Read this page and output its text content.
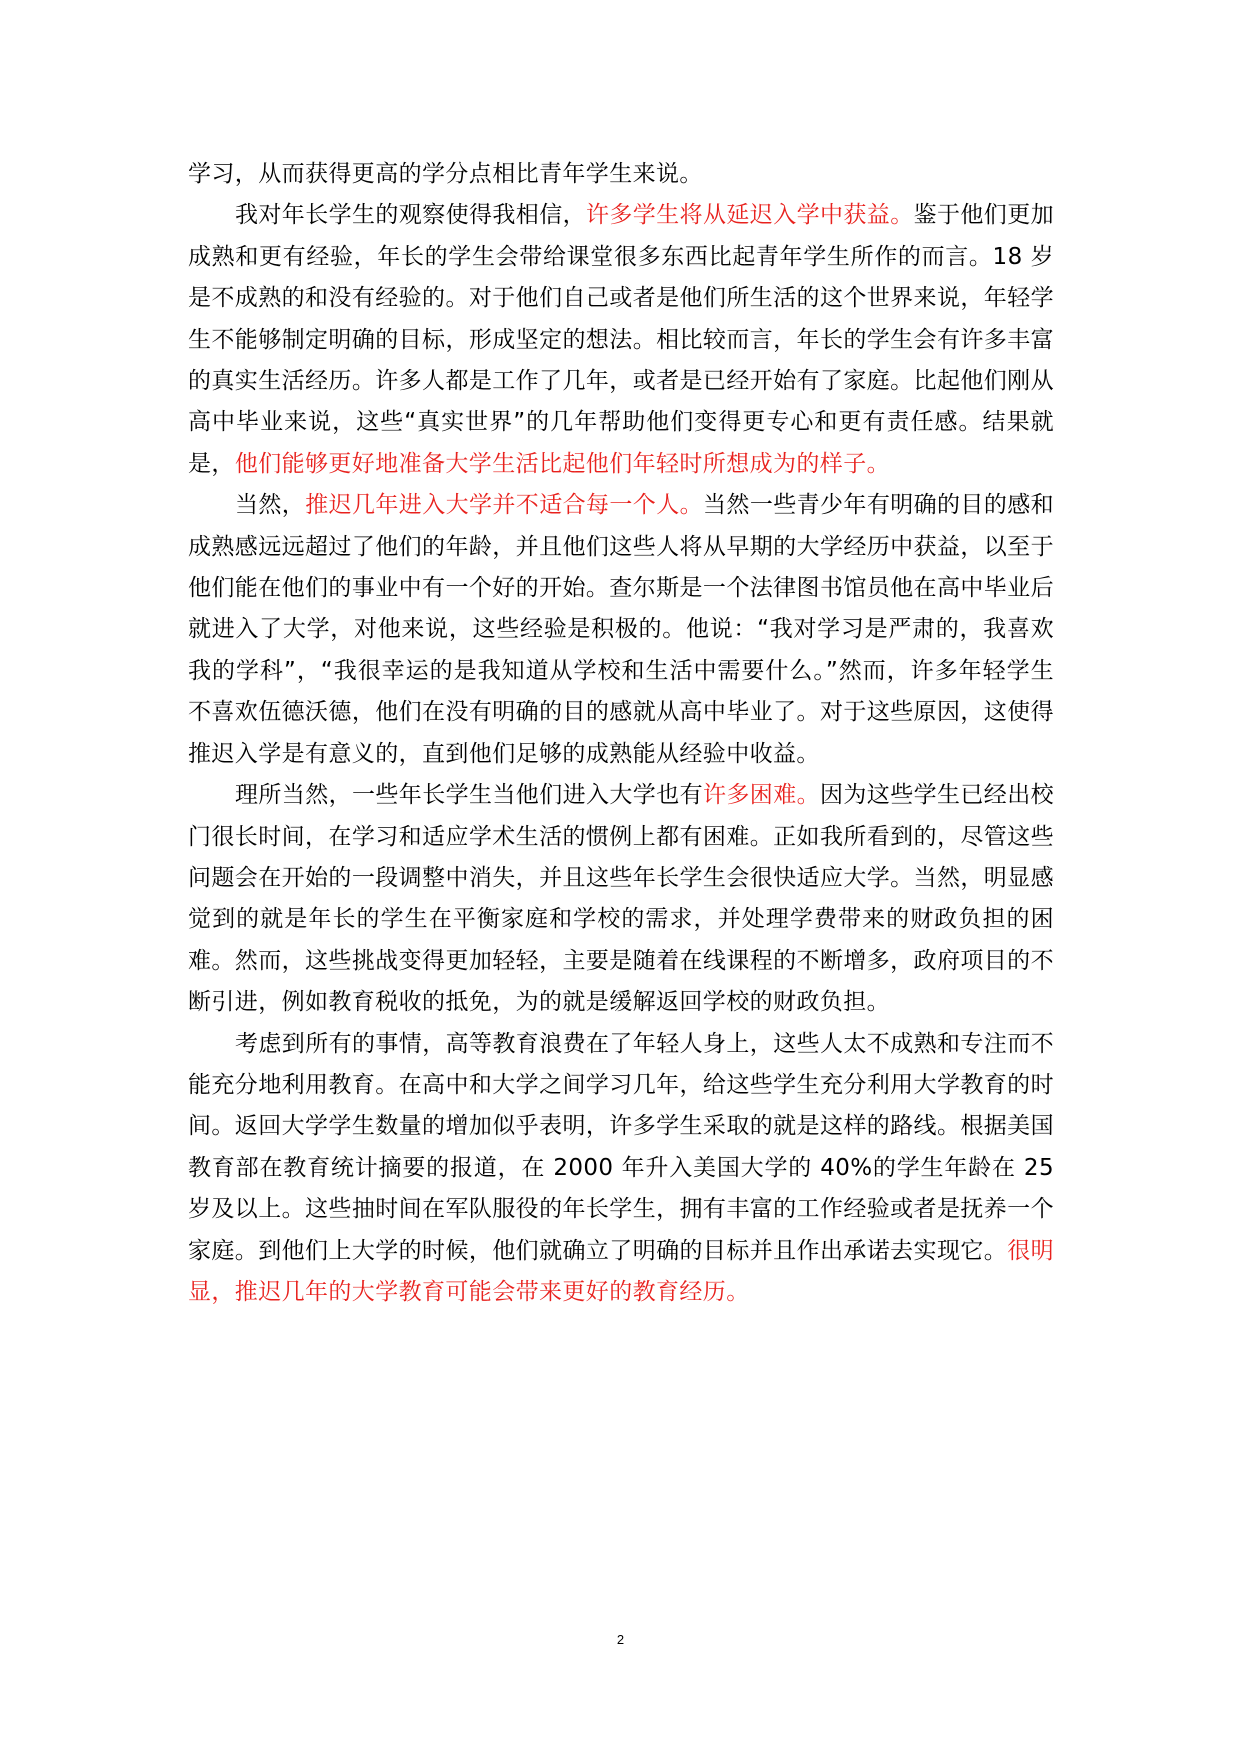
学习，从而获得更高的学分点相比青年学生来说。

我对年长学生的观察使得我相信，许多学生将从延迟入学中获益。鉴于他们更加成熟和更有经验，年长的学生会带给课堂很多东西比起青年学生所作的而言。18 岁是不成熟的和没有经验的。对于他们自己或者是他们所生活的这个世界来说，年轻学生不能够制定明确的目标，形成坚定的想法。相比较而言，年长的学生会有许多丰富的真实生活经历。许多人都是工作了几年，或者是已经开始有了家庭。比起他们刚从高中毕业来说，这些“真实世界”的几年帮助他们变得更专心和更有责任感。结果就是，他们能够更好地准备大学生活比起他们年轻时所想成为的样子。

当然，推迟几年进入大学并不适合每一个人。当然一些青少年有明确的目的感和成熟感远远超过了他们的年龄，并且他们这些人将从早期的大学经历中获益，以至于他们能在他们的事业中有一个好的开始。查尔斯是一个法律图书馆员他在高中毕业后就进入了大学，对他来说，这些经验是积极的。他说：“我对学习是严肃的，我喜欢我的学科”，“我很幸运的是我知道从学校和生活中需要什么。”然而，许多年轻学生不喜欢伍德沃德，他们在没有明确的目的感就从高中毕业了。对于这些原因，这使得推迟入学是有意义的，直到他们足够的成熟能从经验中收益。

理所当然，一些年长学生当他们进入大学也有许多困难。因为这些学生已经出校门很长时间，在学习和适应学术生活的惯例上都有困难。正如我所看到的，尽管这些问题会在开始的一段调整中消失，并且这些年长学生会很快适应大学。当然，明显感觉到的就是年长的学生在平衡家庭和学校的需求，并处理学费带来的财政负担的困难。然而，这些挑战变得更加轻轻，主要是随着在线课程的不断增多，政府项目的不断引进，例如教育税收的抵免，为的就是缓解返回学校的财政负担。

考虑到所有的事情，高等教育浪费在了年轻人身上，这些人太不成熟和专注而不能充分地利用教育。在高中和大学之间学习几年，给这些学生充分利用大学教育的时间。返回大学学生数量的增加似乎表明，许多学生采取的就是这样的路线。根据美国教育部在教育统计摘要的报道，在 2000 年升入美国大学的 40%的学生年龄在 25 岁及以上。这些抽时间在军队服役的年长学生，拥有丰富的工作经验或者是抚养一个家庭。到他们上大学的时候，他们就确立了明确的目标并且作出承诺去实现它。很明显，推迟几年的大学教育可能会带来更好的教育经历。

2
